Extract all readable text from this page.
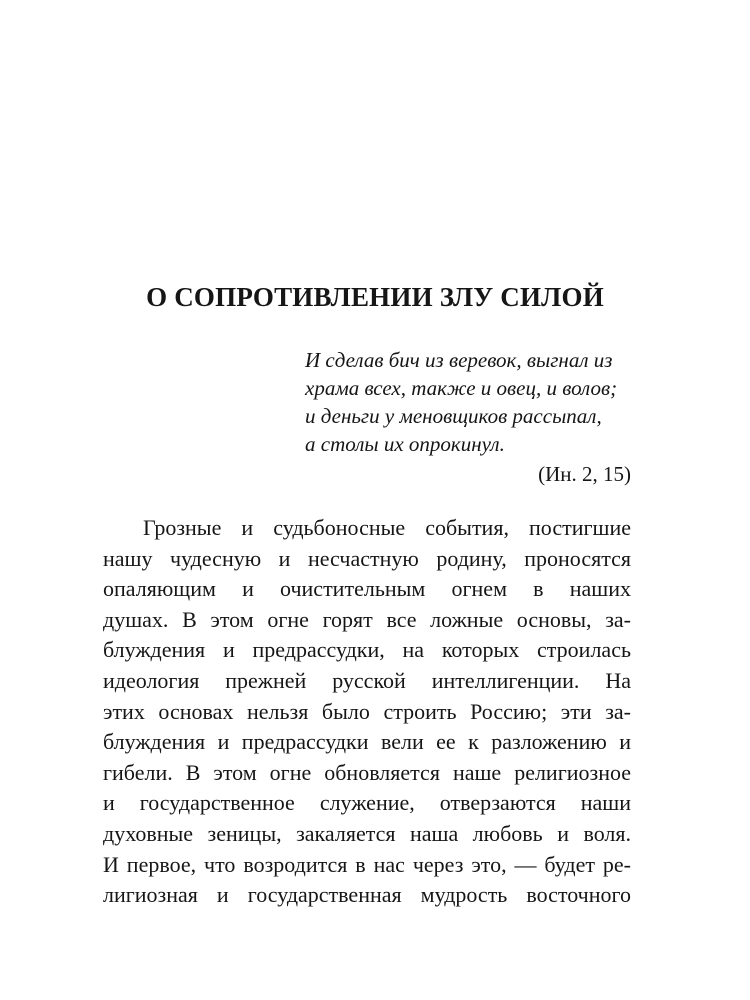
О СОПРОТИВЛЕНИИ ЗЛУ СИЛОЙ
И сделав бич из веревок, выгнал из
храма всех, также и овец, и волов;
и деньги у меновщиков рассыпал,
а столы их опрокинул.
(Ин. 2, 15)
Грозные и судьбоносные события, постигшие
нашу чудесную и несчастную родину, проносятся
опаляющим и очистительным огнем в наших
душах. В этом огне горят все ложные основы, за-
блуждения и предрассудки, на которых строилась
идеология прежней русской интеллигенции. На
этих основах нельзя было строить Россию; эти за-
блуждения и предрассудки вели ее к разложению и
гибели. В этом огне обновляется наше религиозное
и государственное служение, отверзаются наши
духовные зеницы, закаляется наша любовь и воля.
И первое, что возродится в нас через это, — будет ре-
лигиозная и государственная мудрость восточного
